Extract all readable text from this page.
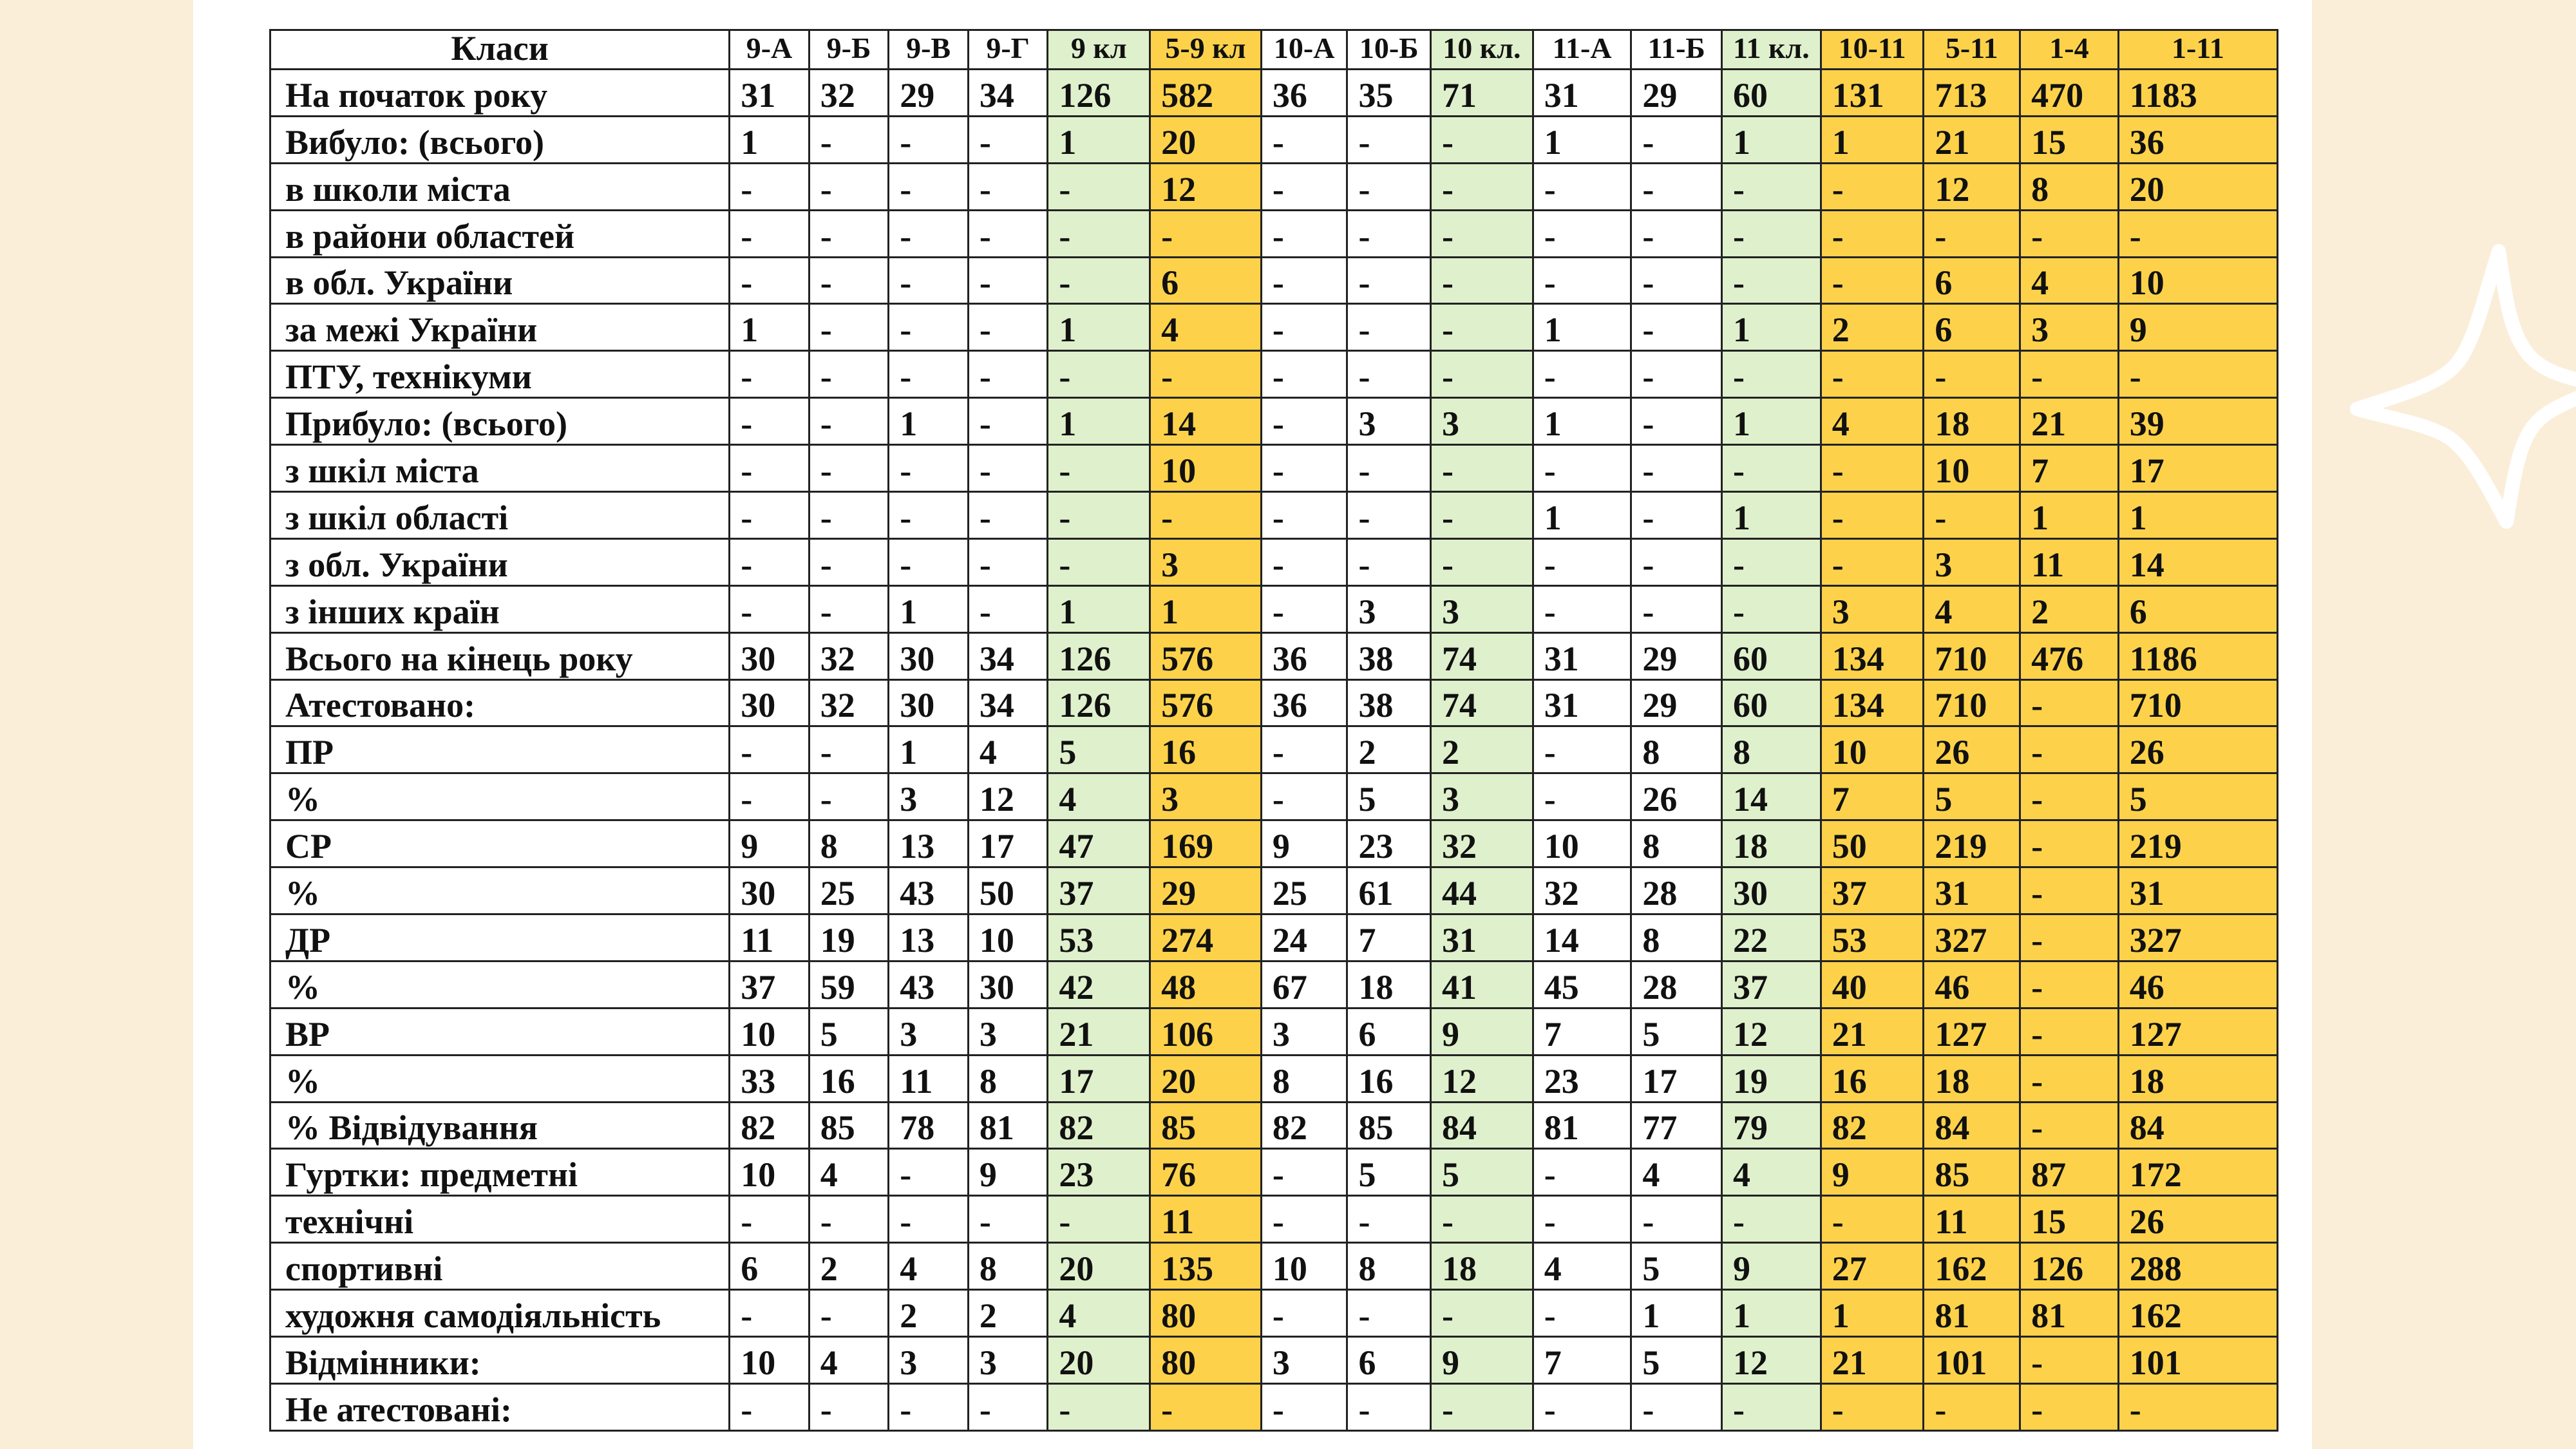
Класи	9-А	9-Б	9-В	9-Г	9 кл	5-9 кл	10-А	10-Б	10 кл.	11-А	11-Б	11 кл.	10-11	5-11	1-4	1-11
На початок року	31	32	29	34	126	582	36	35	71	31	29	60	131	713	470	1183
Вибуло: (всього)	1	-	-	-	1	20	-	-	-	1	-	1	1	21	15	36
в школи міста	-	-	-	-	-	12	-	-	-	-	-	-	-	12	8	20
в райони областей	-	-	-	-	-	-	-	-	-	-	-	-	-	-	-	-
в обл. України	-	-	-	-	-	6	-	-	-	-	-	-	-	6	4	10
за межі України	1	-	-	-	1	4	-	-	-	1	-	1	2	6	3	9
ПТУ, технікуми	-	-	-	-	-	-	-	-	-	-	-	-	-	-	-	-
Прибуло: (всього)	-	-	1	-	1	14	-	3	3	1	-	1	4	18	21	39
з шкіл міста	-	-	-	-	-	10	-	-	-	-	-	-	-	10	7	17
з шкіл області	-	-	-	-	-	-	-	-	-	1	-	1	-	-	1	1
з обл. України	-	-	-	-	-	3	-	-	-	-	-	-	-	3	11	14
з інших країн	-	-	1	-	1	1	-	3	3	-	-	-	3	4	2	6
Всього на кінець року	30	32	30	34	126	576	36	38	74	31	29	60	134	710	476	1186
Атестовано:	30	32	30	34	126	576	36	38	74	31	29	60	134	710	-	710
ПР	-	-	1	4	5	16	-	2	2	-	8	8	10	26	-	26
%	-	-	3	12	4	3	-	5	3	-	26	14	7	5	-	5
СР	9	8	13	17	47	169	9	23	32	10	8	18	50	219	-	219
%	30	25	43	50	37	29	25	61	44	32	28	30	37	31	-	31
ДР	11	19	13	10	53	274	24	7	31	14	8	22	53	327	-	327
%	37	59	43	30	42	48	67	18	41	45	28	37	40	46	-	46
ВР	10	5	3	3	21	106	3	6	9	7	5	12	21	127	-	127
%	33	16	11	8	17	20	8	16	12	23	17	19	16	18	-	18
% Відвідування	82	85	78	81	82	85	82	85	84	81	77	79	82	84	-	84
Гуртки: предметні	10	4	-	9	23	76	-	5	5	-	4	4	9	85	87	172
технічні	-	-	-	-	-	11	-	-	-	-	-	-	-	11	15	26
спортивні	6	2	4	8	20	135	10	8	18	4	5	9	27	162	126	288
художня самодіяльність	-	-	2	2	4	80	-	-	-	-	1	1	1	81	81	162
Відмінники:	10	4	3	3	20	80	3	6	9	7	5	12	21	101	-	101
Не атестовані:	-	-	-	-	-	-	-	-	-	-	-	-	-	-	-	-
